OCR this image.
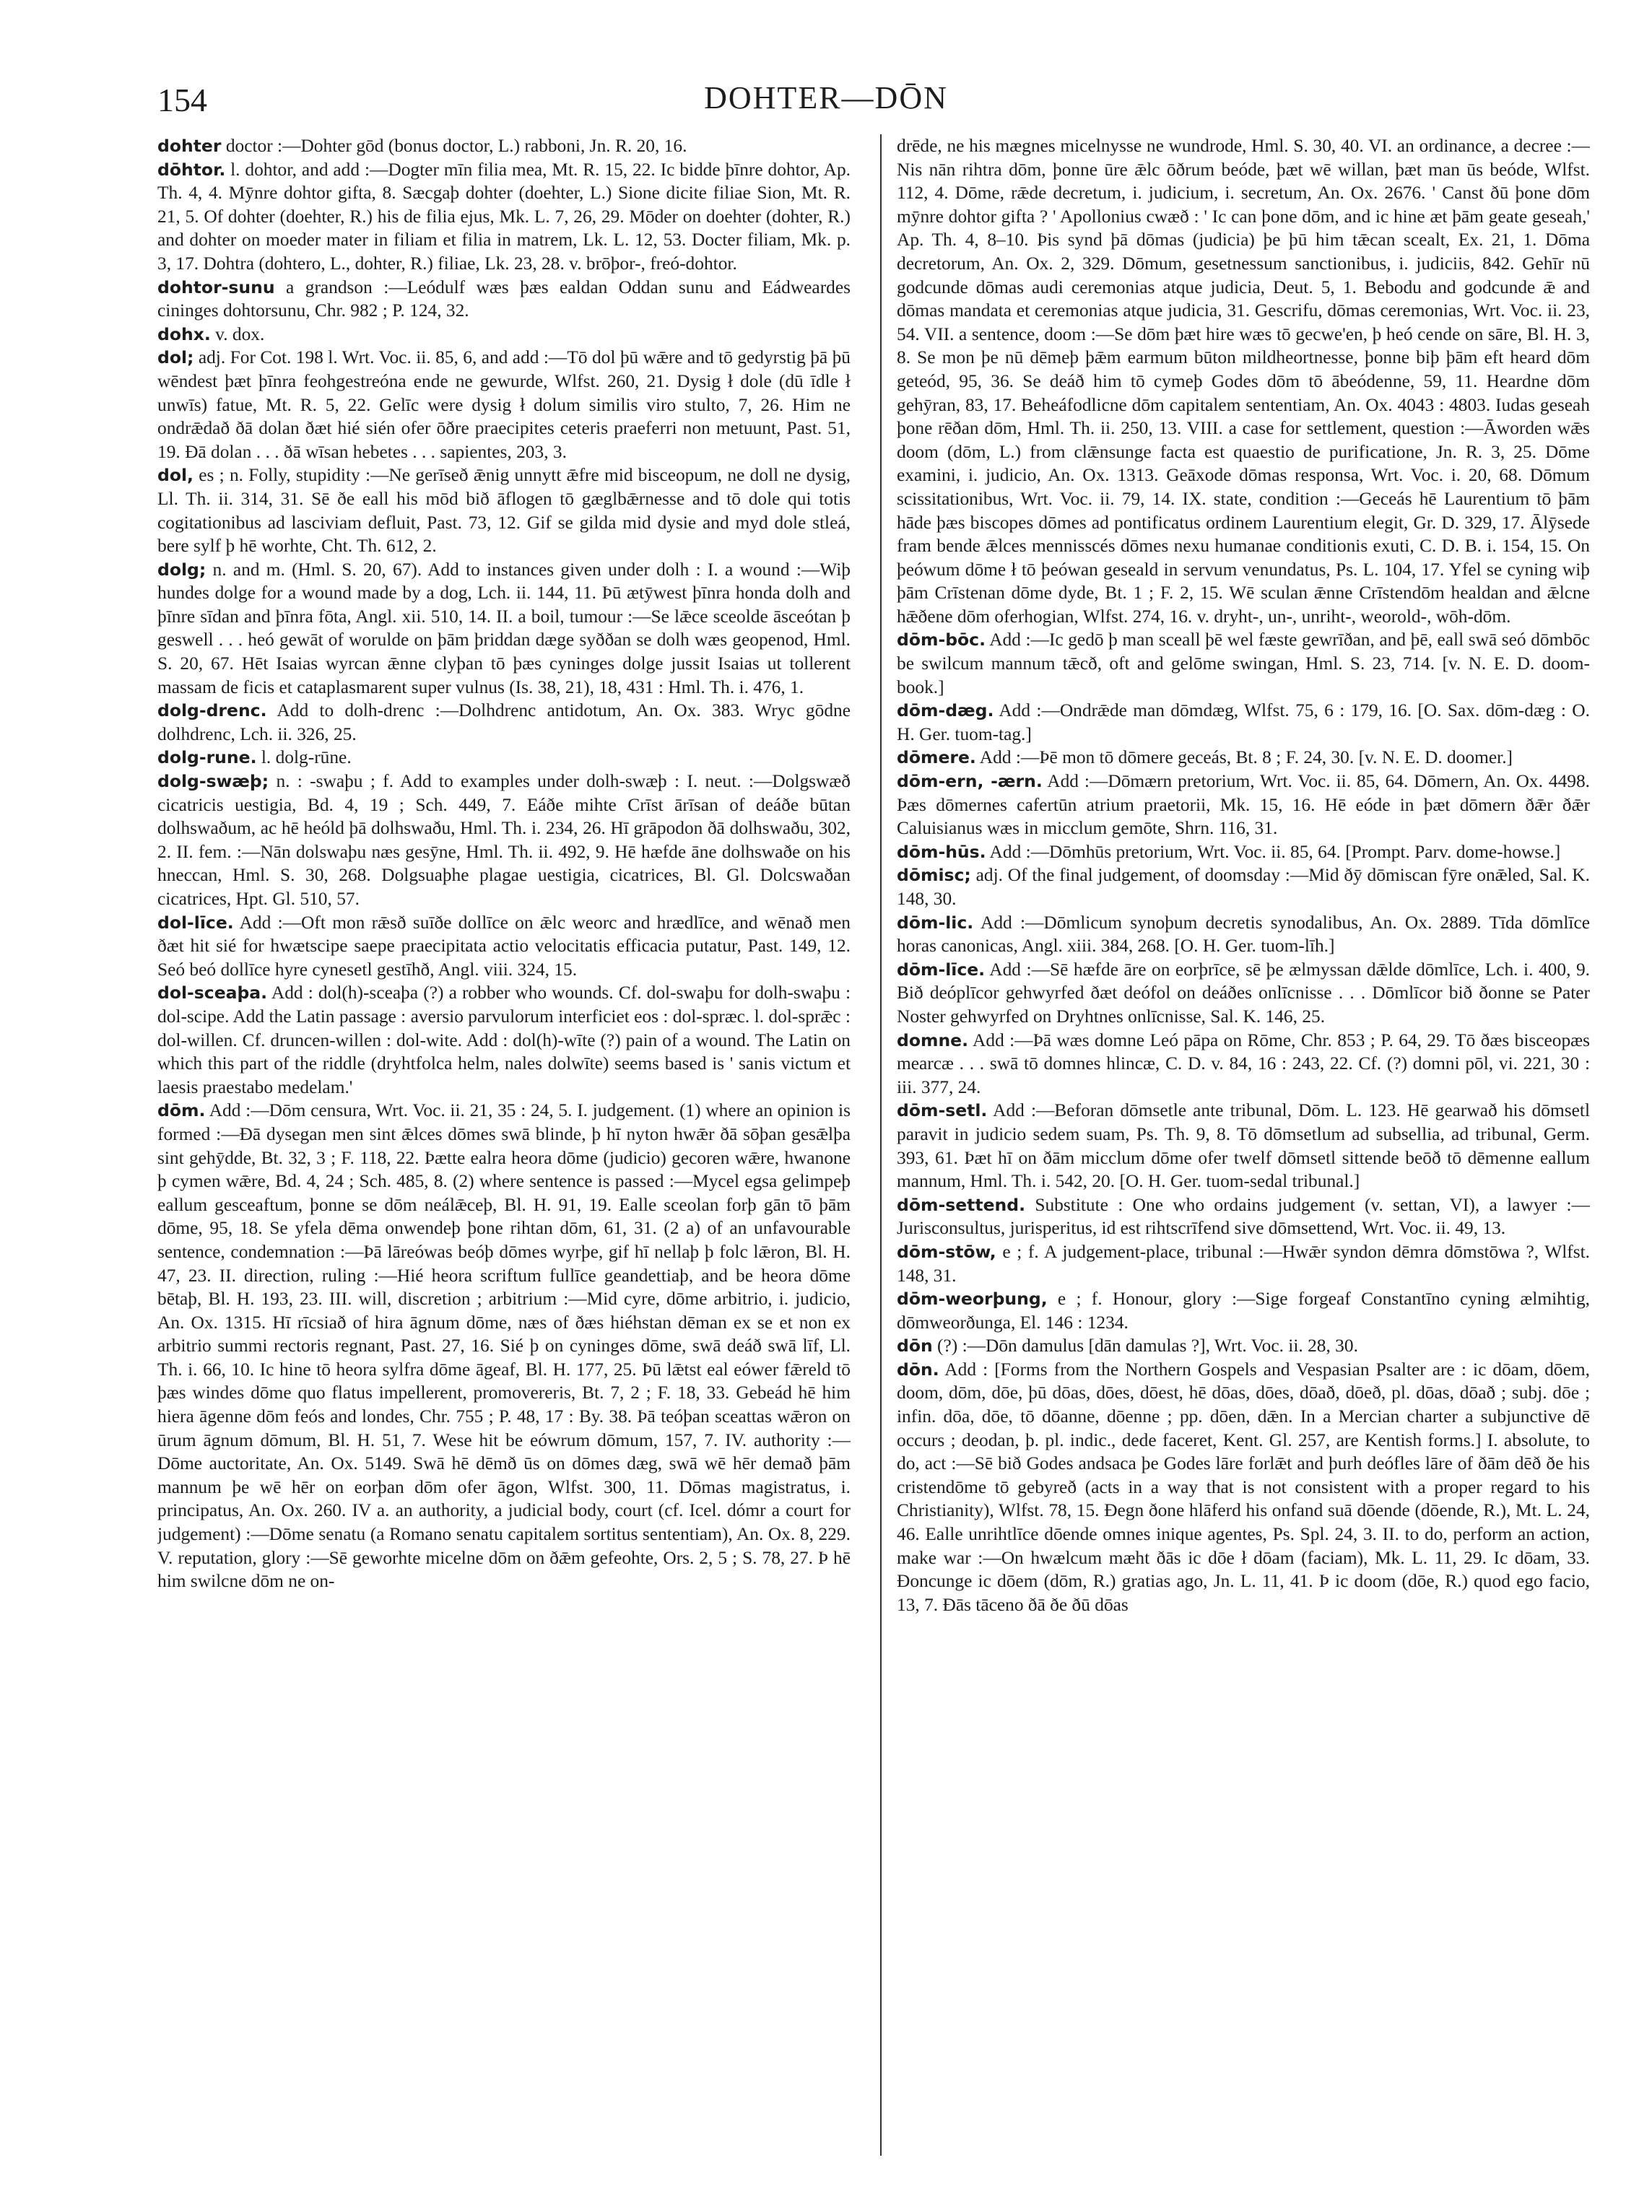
154	DOHTER—DŌN

dohter doctor :—Dohter gōd (bonus doctor, L.) rabboni, Jn. R. 20, 16.

dōhtor. l. dohtor, and add :—Dogter mīn filia mea, Mt. R. 15, 22. Ic bidde þīnre dohtor, Ap. Th. 4, 4. Mȳnre dohtor gifta, 8. Sæcgaþ dohter (doehter, L.) Sione dicite filiae Sion, Mt. R. 21, 5. Of dohter (doehter, R.) his de filia ejus, Mk. L. 7, 26, 29. Mōder on doehter (dohter, R.) and dohter on moeder mater in filiam et filia in matrem, Lk. L. 12, 53. Docter filiam, Mk. p. 3, 17. Dohtra (dohtero, L., dohter, R.) filiae, Lk. 23, 28. v. brōþor-, freó-dohtor.

dohtor-sunu a grandson :—Leódulf wæs þæs ealdan Oddan sunu and Eádweardes cininges dohtorsunu, Chr. 982 ; P. 124, 32.

dohx. v. dox.

dol; adj. For Cot. 198 l. Wrt. Voc. ii. 85, 6, and add :—Tō dol þū wǣre and tō gedyrstig þā þū wēndest þæt þīnra feohgestreóna ende ne gewurde, Wlfst. 260, 21. Dysig ł dole (dū īdle ł unwīs) fatue, Mt. R. 5, 22. Gelīc were dysig ł dolum similis viro stulto, 7, 26. Him ne ondrǣdað ðā dolan ðæt hié sién ofer ōðre praecipites ceteris praeferri non metuunt, Past. 51, 19. Ðā dolan . . . ðā wīsan hebetes . . . sapientes, 203, 3.

dol, es ; n. Folly, stupidity :—Ne gerīseð ǣnig unnytt ǣfre mid bisceopum, ne doll ne dysig, Ll. Th. ii. 314, 31. Sē ðe eall his mōd bið āflogen tō gæglbǣrnesse and tō dole qui totis cogitationibus ad lasciviam defluit, Past. 73, 12. Gif se gilda mid dysie and myd dole stleá, bere sylf þ hē worhte, Cht. Th. 612, 2.

dolg; n. and m. (Hml. S. 20, 67). Add to instances given under dolh : I. a wound :—Wiþ hundes dolge for a wound made by a dog, Lch. ii. 144, 11. Þū ætȳwest þīnra honda dolh and þīnre sīdan and þīnra fōta, Angl. xii. 510, 14. II. a boil, tumour :—Se lǣce sceolde āsceótan þ geswell . . . heó gewāt of worulde on þām þriddan dæge syððan se dolh wæs geopenod, Hml. S. 20, 67. Hēt Isaias wyrcan ǣnne clyþan tō þæs cyninges dolge jussit Isaias ut tollerent massam de ficis et cataplasmarent super vulnus (Is. 38, 21), 18, 431 : Hml. Th. i. 476, 1.

dolg-drenc. Add to dolh-drenc :—Dolhdrenc antidotum, An. Ox. 383. Wryc gōdne dolhdrenc, Lch. ii. 326, 25.

dolg-rune. l. dolg-rūne.

dolg-swæþ; n. : -swaþu ; f. Add to examples under dolh-swæþ : I. neut. :—Dolgswæð cicatricis uestigia, Bd. 4, 19 ; Sch. 449, 7. Eáðe mihte Crīst ārīsan of deáðe būtan dolhswaðum, ac hē heóld þā dolhswaðu, Hml. Th. i. 234, 26. Hī grāpodon ðā dolhswaðu, 302, 2. II. fem. :—Nān dolswaþu næs gesȳne, Hml. Th. ii. 492, 9. Hē hæfde āne dolhswaðe on his hneccan, Hml. S. 30, 268. Dolgsuaþhe plagae uestigia, cicatrices, Bl. Gl. Dolcswaðan cicatrices, Hpt. Gl. 510, 57.

dol-līce. Add :—Oft mon rǣsð suīðe dollīce on ǣlc weorc and hrædlīce, and wēnað men ðæt hit sié for hwætscipe saepe praecipitata actio velocitatis efficacia putatur, Past. 149, 12. Seó beó dollīce hyre cynesetl gestīhð, Angl. viii. 324, 15.

dol-sceaþa. Add : dol(h)-sceaþa (?) a robber who wounds. Cf. dol-swaþu for dolh-swaþu : dol-scipe. Add the Latin passage : aversio parvulorum interficiet eos : dol-spræc. l. dol-sprǣc : dol-willen. Cf. druncen-willen : dol-wite. Add : dol(h)-wīte (?) pain of a wound. The Latin on which this part of the riddle (dryhtfolca helm, nales dolwīte) seems based is ' sanis victum et laesis praestabo medelam.'

dōm. Add :—Dōm censura, Wrt. Voc. ii. 21, 35 : 24, 5. I. judgement. (1) where an opinion is formed :—Ðā dysegan men sint ǣlces dōmes swā blinde, þ hī nyton hwǣr ðā sōþan gesǣlþa sint gehȳdde, Bt. 32, 3 ; F. 118, 22. Þætte ealra heora dōme (judicio) gecoren wǣre, hwanone þ cymen wǣre, Bd. 4, 24 ; Sch. 485, 8. (2) where sentence is passed :—Mycel egsa gelimpeþ eallum gesceaftum, þonne se dōm neálǣceþ, Bl. H. 91, 19. Ealle sceolan forþ gān tō þām dōme, 95, 18. Se yfela dēma onwendeþ þone rihtan dōm, 61, 31. (2 a) of an unfavourable sentence, condemnation :—Þā lāreówas beóþ dōmes wyrþe, gif hī nellaþ þ folc lǣron, Bl. H. 47, 23. II. direction, ruling :—Hié heora scriftum fullīce geandettiaþ, and be heora dōme bētaþ, Bl. H. 193, 23. III. will, discretion ; arbitrium :—Mid cyre, dōme arbitrio, i. judicio, An. Ox. 1315. Hī rīcsiað of hira āgnum dōme, næs of ðæs hiéhstan dēman ex se et non ex arbitrio summi rectoris regnant, Past. 27, 16. Sié þ on cyninges dōme, swā deáð swā līf, Ll. Th. i. 66, 10. Ic hine tō heora sylfra dōme āgeaf, Bl. H. 177, 25. Þū lǣtst eal eówer fǣreld tō þæs windes dōme quo flatus impellerent, promovereris, Bt. 7, 2 ; F. 18, 33. Gebeád hē him hiera āgenne dōm feós and londes, Chr. 755 ; P. 48, 17 : By. 38. Þā teóþan sceattas wǣron on ūrum āgnum dōmum, Bl. H. 51, 7. Wese hit be eówrum dōmum, 157, 7. IV. authority :—Dōme auctoritate, An. Ox. 5149. Swā hē dēmð ūs on dōmes dæg, swā wē hēr demað þām mannum þe wē hēr on eorþan dōm ofer āgon, Wlfst. 300, 11. Dōmas magistratus, i. principatus, An. Ox. 260. IV a. an authority, a judicial body, court (cf. Icel. dómr a court for judgement) :—Dōme senatu (a Romano senatu capitalem sortitus sententiam), An. Ox. 8, 229. V. reputation, glory :—Sē geworhte micelne dōm on ðǣm gefeohte, Ors. 2, 5 ; S. 78, 27. Þ hē him swilcne dōm ne on-

drēde, ne his mægnes micelnysse ne wundrode, Hml. S. 30, 40. VI. an ordinance, a decree :—Nis nān rihtra dōm, þonne ūre ǣlc ōðrum beóde, þæt wē willan, þæt man ūs beóde, Wlfst. 112, 4. Dōme, rǣde decretum, i. judicium, i. secretum, An. Ox. 2676. ' Canst ðū þone dōm mȳnre dohtor gifta ? ' Apollonius cwæð : ' Ic can þone dōm, and ic hine æt þām geate geseah,' Ap. Th. 4, 8–10. Þis synd þā dōmas (judicia) þe þū him tǣcan scealt, Ex. 21, 1. Dōma decretorum, An. Ox. 2, 329. Dōmum, gesetnessum sanctionibus, i. judiciis, 842. Gehīr nū godcunde dōmas audi ceremonias atque judicia, Deut. 5, 1. Bebodu and godcunde ǣ and dōmas mandata et ceremonias atque judicia, 31. Gescrifu, dōmas ceremonias, Wrt. Voc. ii. 23, 54. VII. a sentence, doom :—Se dōm þæt hire wæs tō gecwe'en, þ heó cende on sāre, Bl. H. 3, 8. Se mon þe nū dēmeþ þǣm earmum būton mildheortnesse, þonne biþ þām eft heard dōm geteód, 95, 36. Se deáð him tō cymeþ Godes dōm tō ābeódenne, 59, 11. Heardne dōm gehȳran, 83, 17. Beheáfodlicne dōm capitalem sententiam, An. Ox. 4043 : 4803. Iudas geseah þone rēðan dōm, Hml. Th. ii. 250, 13. VIII. a case for settlement, question :—Āworden wǣs doom (dōm, L.) from clǣnsunge facta est quaestio de purificatione, Jn. R. 3, 25. Dōme examini, i. judicio, An. Ox. 1313. Geāxode dōmas responsa, Wrt. Voc. i. 20, 68. Dōmum scissitationibus, Wrt. Voc. ii. 79, 14. IX. state, condition :—Geceás hē Laurentium tō þām hāde þæs biscopes dōmes ad pontificatus ordinem Laurentium elegit, Gr. D. 329, 17. Ālȳsede fram bende ǣlces mennisscés dōmes nexu humanae conditionis exuti, C. D. B. i. 154, 15. On þeówum dōme ł tō þeówan geseald in servum venundatus, Ps. L. 104, 17. Yfel se cyning wiþ þām Crīstenan dōme dyde, Bt. 1 ; F. 2, 15. Wē sculan ǣnne Crīstendōm healdan and ǣlcne hǣðene dōm oferhogian, Wlfst. 274, 16. v. dryht-, un-, unriht-, weorold-, wōh-dōm.

dōm-bōc. Add :—Ic gedō þ man sceall þē wel fæste gewrīðan, and þē, eall swā seó dōmbōc be swilcum mannum tǣcð, oft and gelōme swingan, Hml. S. 23, 714. [v. N. E. D. doom-book.]

dōm-dæg. Add :—Ondrǣde man dōmdæg, Wlfst. 75, 6 : 179, 16. [O. Sax. dōm-dæg : O. H. Ger. tuom-tag.]

dōmere. Add :—Þē mon tō dōmere geceás, Bt. 8 ; F. 24, 30. [v. N. E. D. doomer.]

dōm-ern, -ærn. Add :—Dōmærn pretorium, Wrt. Voc. ii. 85, 64. Dōmern, An. Ox. 4498. Þæs dōmernes cafertūn atrium praetorii, Mk. 15, 16. Hē eóde in þæt dōmern ðǣr ðǣr Caluisianus wæs in micclum gemōte, Shrn. 116, 31.

dōm-hūs. Add :—Dōmhūs pretorium, Wrt. Voc. ii. 85, 64. [Prompt. Parv. dome-howse.]

dōmisc; adj. Of the final judgement, of doomsday :—Mid ðȳ dōmiscan fȳre onǣled, Sal. K. 148, 30.

dōm-lic. Add :—Dōmlicum synoþum decretis synodalibus, An. Ox. 2889. Tīda dōmlīce horas canonicas, Angl. xiii. 384, 268. [O. H. Ger. tuom-līh.]

dōm-līce. Add :—Sē hæfde āre on eorþrīce, sē þe ælmyssan dǣlde dōmlīce, Lch. i. 400, 9. Bið deóplīcor gehwyrfed ðæt deófol on deáðes onlīcnisse . . . Dōmlīcor bið ðonne se Pater Noster gehwyrfed on Dryhtnes onlīcnisse, Sal. K. 146, 25.

domne. Add :—Þā wæs domne Leó pāpa on Rōme, Chr. 853 ; P. 64, 29. Tō ðæs bisceopæs mearcæ . . . swā tō domnes hlincæ, C. D. v. 84, 16 : 243, 22. Cf. (?) domni pōl, vi. 221, 30 : iii. 377, 24.

dōm-setl. Add :—Beforan dōmsetle ante tribunal, Dōm. L. 123. Hē gearwað his dōmsetl paravit in judicio sedem suam, Ps. Th. 9, 8. Tō dōmsetlum ad subsellia, ad tribunal, Germ. 393, 61. Þæt hī on ðām micclum dōme ofer twelf dōmsetl sittende beōð tō dēmenne eallum mannum, Hml. Th. i. 542, 20. [O. H. Ger. tuom-sedal tribunal.]

dōm-settend. Substitute : One who ordains judgement (v. settan, VI), a lawyer :—Jurisconsultus, jurisperitus, id est rihtscrīfend sive dōmsettend, Wrt. Voc. ii. 49, 13.

dōm-stōw, e ; f. A judgement-place, tribunal :—Hwǣr syndon dēmra dōmstōwa ?, Wlfst. 148, 31.

dōm-weorþung, e ; f. Honour, glory :—Sige forgeaf Constantīno cyning ælmihtig, dōmweorðunga, El. 146 : 1234.

dōn (?) :—Dōn damulus [dān damulas ?], Wrt. Voc. ii. 28, 30.

dōn. Add : [Forms from the Northern Gospels and Vespasian Psalter are : ic dōam, dōem, doom, dōm, dōe, þū dōas, dōes, dōest, hē dōas, dōes, dōað, dōeð, pl. dōas, dōað ; subj. dōe ; infin. dōa, dōe, tō dōanne, dōenne ; pp. dōen, dǣn. In a Mercian charter a subjunctive dē occurs ; deodan, þ. pl. indic., dede faceret, Kent. Gl. 257, are Kentish forms.] I. absolute, to do, act :—Sē bið Godes andsaca þe Godes lāre forlǣt and þurh deófles lāre of ðām dēð ðe his cristendōme tō gebyreð (acts in a way that is not consistent with a proper regard to his Christianity), Wlfst. 78, 15. Ðegn ðone hlāferd his onfand suā dōende (dōende, R.), Mt. L. 24, 46. Ealle unrihtlīce dōende omnes inique agentes, Ps. Spl. 24, 3. II. to do, perform an action, make war :—On hwælcum mæht ðās ic dōe ł dōam (faciam), Mk. L. 11, 29. Ic dōam, 33. Ðoncunge ic dōem (dōm, R.) gratias ago, Jn. L. 11, 41. Þ ic doom (dōe, R.) quod ego facio, 13, 7. Ðās tāceno ðā ðe ðū dōas
